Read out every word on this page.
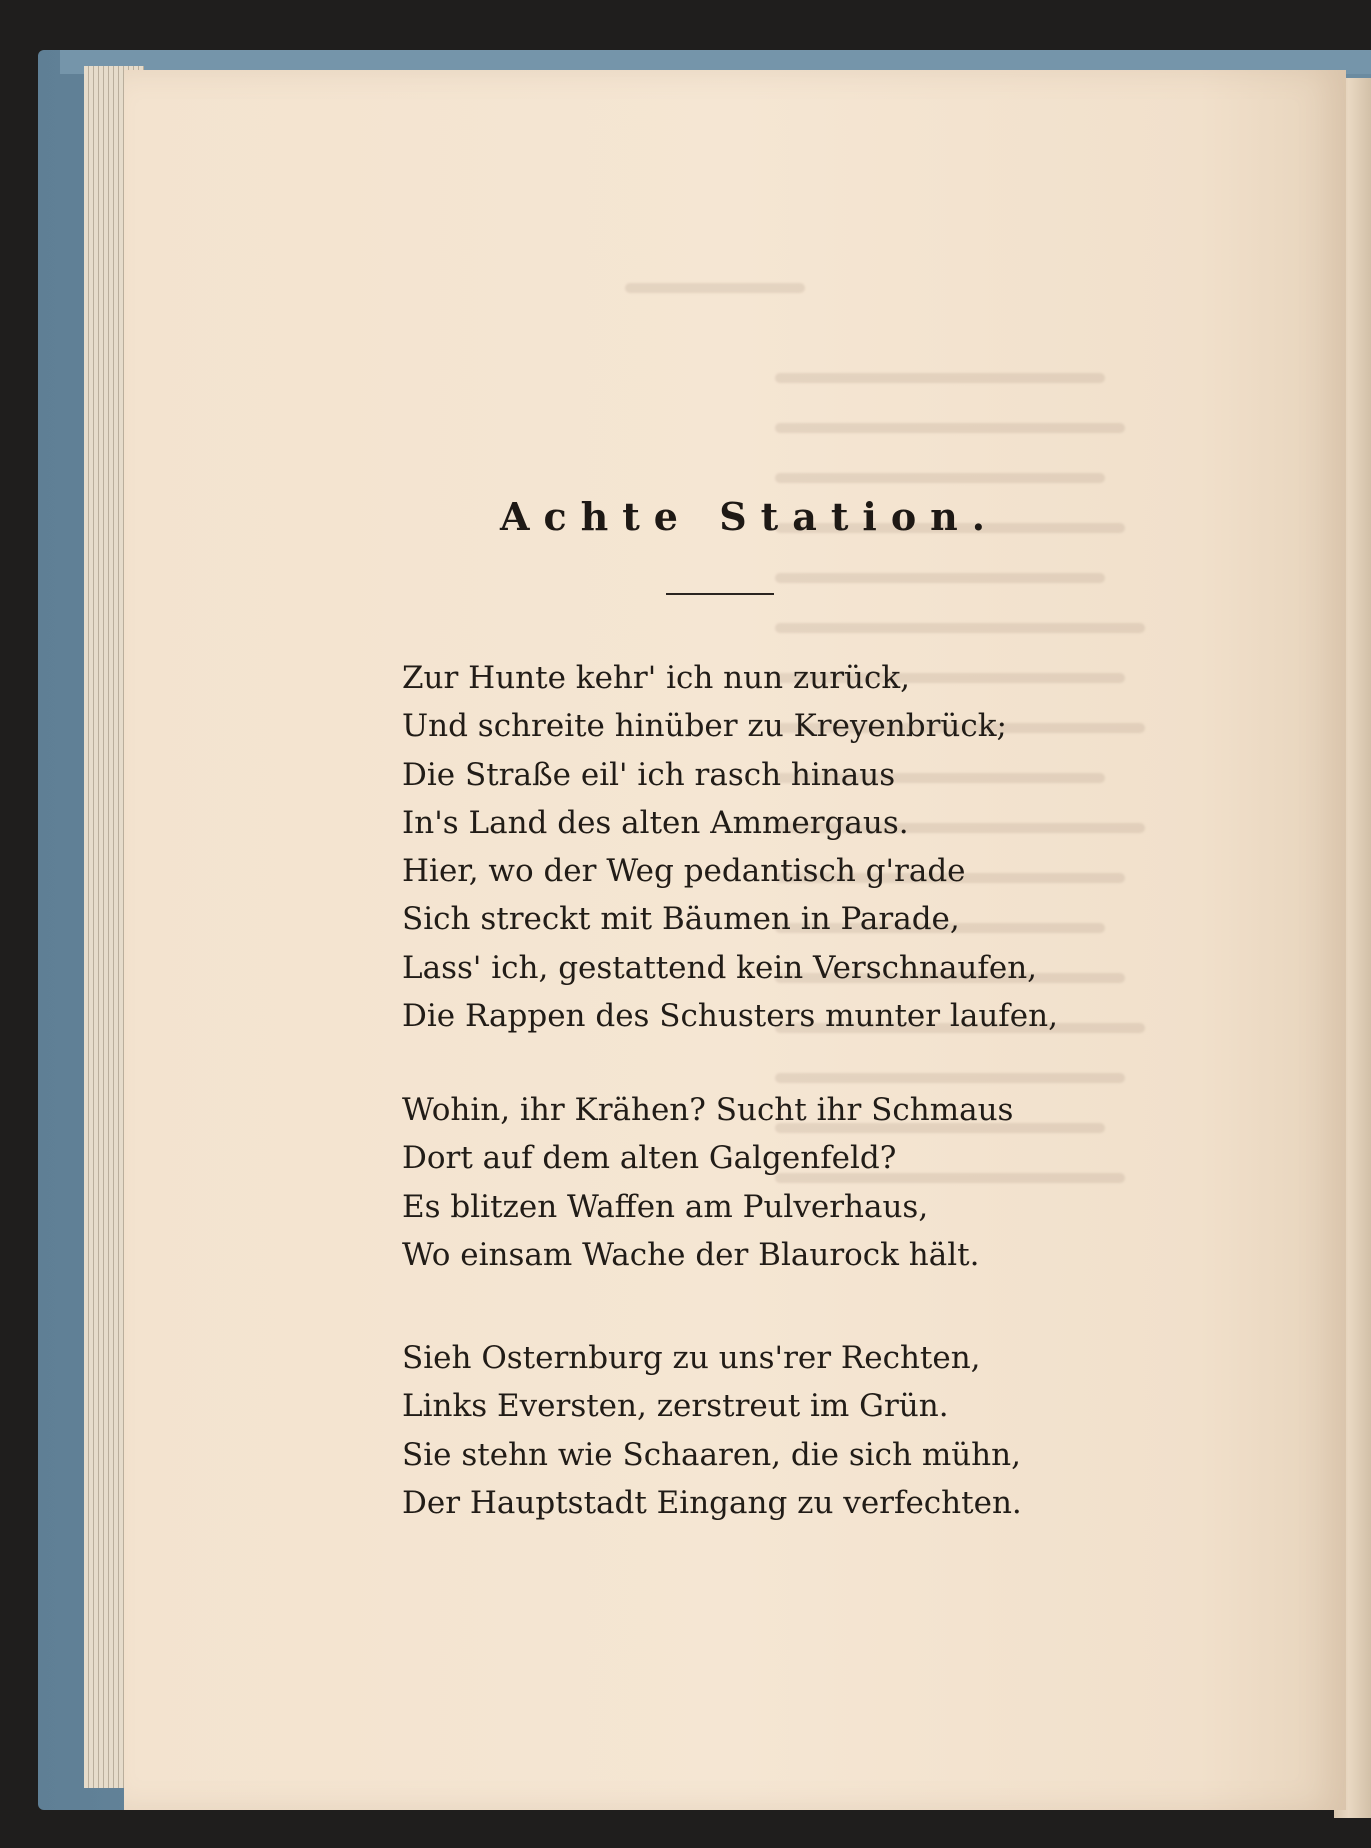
Achte Station.
Zur Hunte kehr' ich nun zurück,
Und schreite hinüber zu Kreyenbrück;
Die Straße eil' ich rasch hinaus
In's Land des alten Ammergaus.
Hier, wo der Weg pedantisch g'rade
Sich streckt mit Bäumen in Parade,
Lass' ich, gestattend kein Verschnaufen,
Die Rappen des Schusters munter laufen,
Wohin, ihr Krähen? Sucht ihr Schmaus
Dort auf dem alten Galgenfeld?
Es blitzen Waffen am Pulverhaus,
Wo einsam Wache der Blaurock hält.
Sieh Osternburg zu uns'rer Rechten,
Links Eversten, zerstreut im Grün.
Sie stehn wie Schaaren, die sich mühn,
Der Hauptstadt Eingang zu verfechten.
